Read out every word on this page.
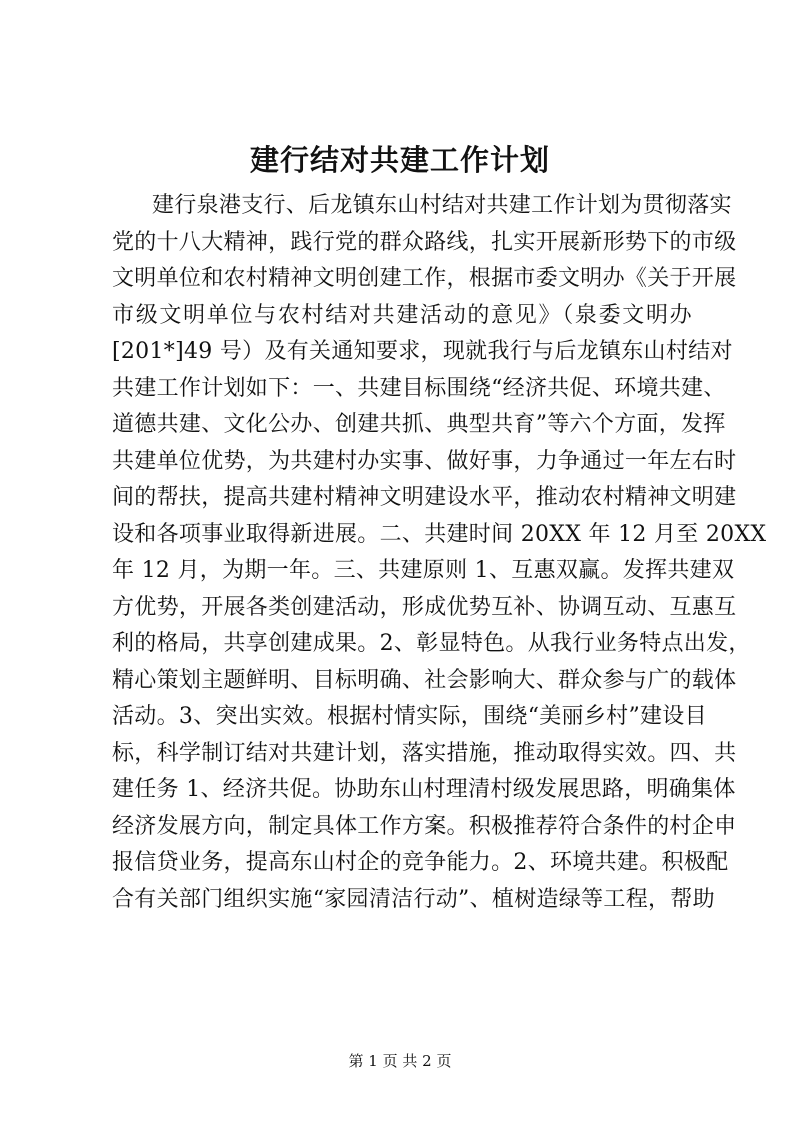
建行结对共建工作计划
建行泉港支行、后龙镇东山村结对共建工作计划为贯彻落实
党的十八大精神，践行党的群众路线，扎实开展新形势下的市级
文明单位和农村精神文明创建工作，根据市委文明办《关于开展
市级文明单位与农村结对共建活动的意见》（泉委文明办
[201*]49 号）及有关通知要求，现就我行与后龙镇东山村结对
共建工作计划如下：一、共建目标围绕“经济共促、环境共建、
道德共建、文化公办、创建共抓、典型共育”等六个方面，发挥
共建单位优势，为共建村办实事、做好事，力争通过一年左右时
间的帮扶，提高共建村精神文明建设水平，推动农村精神文明建
设和各项事业取得新进展。二、共建时间 20XX 年 12 月至 20XX
年 12 月，为期一年。三、共建原则 1、互惠双赢。发挥共建双
方优势，开展各类创建活动，形成优势互补、协调互动、互惠互
利的格局，共享创建成果。2、彰显特色。从我行业务特点出发，
精心策划主题鲜明、目标明确、社会影响大、群众参与广的载体
活动。3、突出实效。根据村情实际，围绕“美丽乡村”建设目
标，科学制订结对共建计划，落实措施，推动取得实效。四、共
建任务 1、经济共促。协助东山村理清村级发展思路，明确集体
经济发展方向，制定具体工作方案。积极推荐符合条件的村企申
报信贷业务，提高东山村企的竞争能力。2、环境共建。积极配
合有关部门组织实施“家园清洁行动”、植树造绿等工程，帮助
第 1 页 共 2 页
